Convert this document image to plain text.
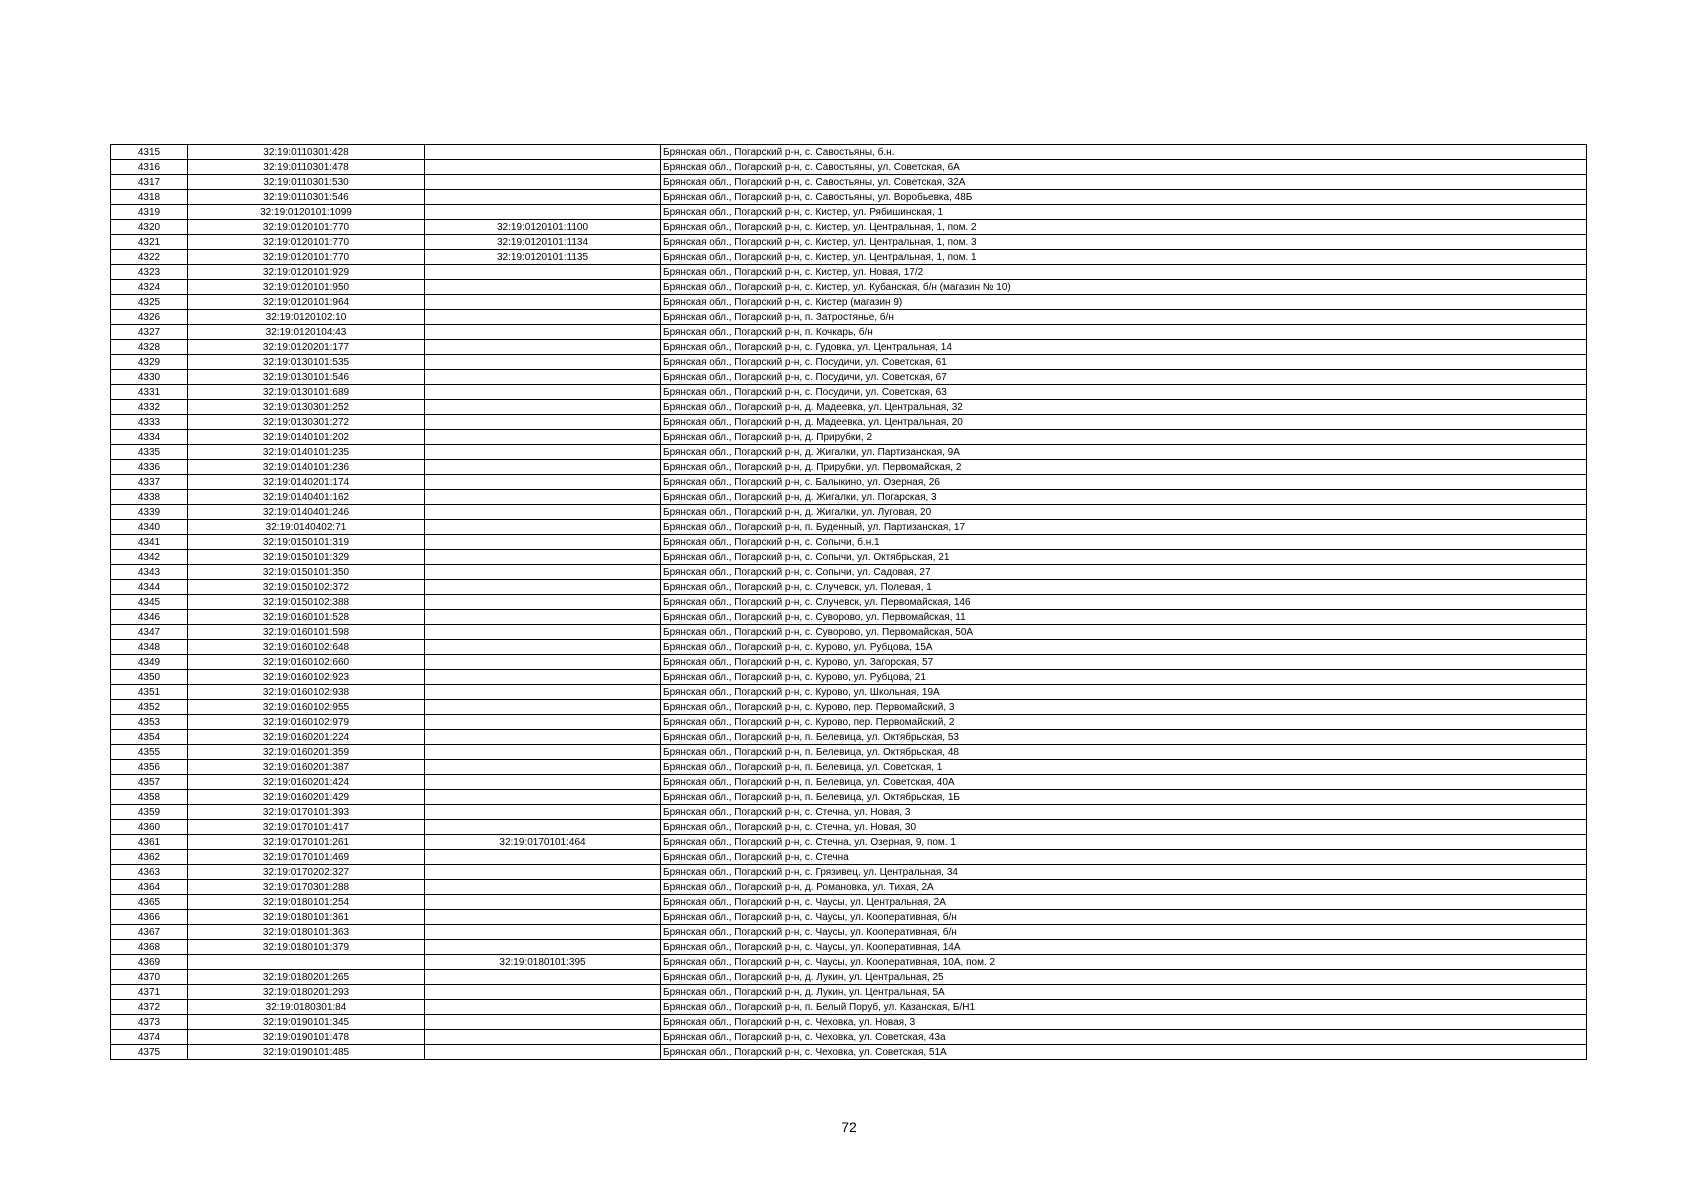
4315	32:19:0110301:428		Брянская обл., Погарский р-н, с. Савостьяны, б.н.
4316	32:19:0110301:478		Брянская обл., Погарский р-н, с. Савостьяны, ул. Советская, 6А
4317	32:19:0110301:530		Брянская обл., Погарский р-н, с. Савостьяны, ул. Советская, 32А
4318	32:19:0110301:546		Брянская обл., Погарский р-н, с. Савостьяны, ул. Воробьевка, 48Б
4319	32:19:0120101:1099		Брянская обл., Погарский р-н, с. Кистер, ул. Рябишинская, 1
4320	32:19:0120101:770	32:19:0120101:1100	Брянская обл., Погарский р-н, с. Кистер, ул. Центральная, 1, пом. 2
4321	32:19:0120101:770	32:19:0120101:1134	Брянская обл., Погарский р-н, с. Кистер, ул. Центральная, 1, пом. 3
4322	32:19:0120101:770	32:19:0120101:1135	Брянская обл., Погарский р-н, с. Кистер, ул. Центральная, 1, пом. 1
4323	32:19:0120101:929		Брянская обл., Погарский р-н, с. Кистер, ул. Новая, 17/2
4324	32:19:0120101:950		Брянская обл., Погарский р-н, с. Кистер, ул. Кубанская, б/н (магазин № 10)
4325	32:19:0120101:964		Брянская обл., Погарский р-н, с. Кистер (магазин 9)
4326	32:19:0120102:10		Брянская обл., Погарский р-н, п. Затростянье, б/н
4327	32:19:0120104:43		Брянская обл., Погарский р-н, п. Кочкарь, б/н
4328	32:19:0120201:177		Брянская обл., Погарский р-н, с. Гудовка, ул. Центральная, 14
4329	32:19:0130101:535		Брянская обл., Погарский р-н, с. Посудичи, ул. Советская, 61
4330	32:19:0130101:546		Брянская обл., Погарский р-н, с. Посудичи, ул. Советская, 67
4331	32:19:0130101:689		Брянская обл., Погарский р-н, с. Посудичи, ул. Советская, 63
4332	32:19:0130301:252		Брянская обл., Погарский р-н, д. Мадеевка, ул. Центральная, 32
4333	32:19:0130301:272		Брянская обл., Погарский р-н, д. Мадеевка, ул. Центральная, 20
4334	32:19:0140101:202		Брянская обл., Погарский р-н, д. Прирубки, 2
4335	32:19:0140101:235		Брянская обл., Погарский р-н, д. Жигалки, ул. Партизанская, 9А
4336	32:19:0140101:236		Брянская обл., Погарский р-н, д. Прирубки, ул. Первомайская, 2
4337	32:19:0140201:174		Брянская обл., Погарский р-н, с. Балыкино, ул. Озерная, 26
4338	32:19:0140401:162		Брянская обл., Погарский р-н, д. Жигалки, ул. Погарская, 3
4339	32:19:0140401:246		Брянская обл., Погарский р-н, д. Жигалки, ул. Луговая, 20
4340	32:19:0140402:71		Брянская обл., Погарский р-н, п. Буденный, ул. Партизанская, 17
4341	32:19:0150101:319		Брянская обл., Погарский р-н, с. Сопычи, б.н.1
4342	32:19:0150101:329		Брянская обл., Погарский р-н, с. Сопычи, ул. Октябрьская, 21
4343	32:19:0150101:350		Брянская обл., Погарский р-н, с. Сопычи, ул. Садовая, 27
4344	32:19:0150102:372		Брянская обл., Погарский р-н, с. Случевск, ул. Полевая, 1
4345	32:19:0150102:388		Брянская обл., Погарский р-н, с. Случевск, ул. Первомайская, 146
4346	32:19:0160101:528		Брянская обл., Погарский р-н, с. Суворово, ул. Первомайская, 11
4347	32:19:0160101:598		Брянская обл., Погарский р-н, с. Суворово, ул. Первомайская, 50А
4348	32:19:0160102:648		Брянская обл., Погарский р-н, с. Курово, ул. Рубцова, 15А
4349	32:19:0160102:660		Брянская обл., Погарский р-н, с. Курово, ул. Загорская, 57
4350	32:19:0160102:923		Брянская обл., Погарский р-н, с. Курово, ул. Рубцова, 21
4351	32:19:0160102:938		Брянская обл., Погарский р-н, с. Курово, ул. Школьная, 19А
4352	32:19:0160102:955		Брянская обл., Погарский р-н, с. Курово, пер. Первомайский, 3
4353	32:19:0160102:979		Брянская обл., Погарский р-н, с. Курово, пер. Первомайский, 2
4354	32:19:0160201:224		Брянская обл., Погарский р-н, п. Белевица, ул. Октябрьская, 53
4355	32:19:0160201:359		Брянская обл., Погарский р-н, п. Белевица, ул. Октябрьская, 48
4356	32:19:0160201:387		Брянская обл., Погарский р-н, п. Белевица, ул. Советская, 1
4357	32:19:0160201:424		Брянская обл., Погарский р-н, п. Белевица, ул. Советская, 40А
4358	32:19:0160201:429		Брянская обл., Погарский р-н, п. Белевица, ул. Октябрьская, 1Б
4359	32:19:0170101:393		Брянская обл., Погарский р-н, с. Стечна, ул. Новая, 3
4360	32:19:0170101:417		Брянская обл., Погарский р-н, с. Стечна, ул. Новая, 30
4361	32:19:0170101:261	32:19:0170101:464	Брянская обл., Погарский р-н, с. Стечна, ул. Озерная, 9, пом. 1
4362	32:19:0170101:469		Брянская обл., Погарский р-н, с. Стечна
4363	32:19:0170202:327		Брянская обл., Погарский р-н, с. Грязивец, ул. Центральная, 34
4364	32:19:0170301:288		Брянская обл., Погарский р-н, д. Романовка, ул. Тихая, 2А
4365	32:19:0180101:254		Брянская обл., Погарский р-н, с. Чаусы, ул. Центральная, 2А
4366	32:19:0180101:361		Брянская обл., Погарский р-н, с. Чаусы, ул. Кооперативная, б/н
4367	32:19:0180101:363		Брянская обл., Погарский р-н, с. Чаусы, ул. Кооперативная, б/н
4368	32:19:0180101:379		Брянская обл., Погарский р-н, с. Чаусы, ул. Кооперативная, 14А
4369		32:19:0180101:395	Брянская обл., Погарский р-н, с. Чаусы, ул. Кооперативная, 10А, пом. 2
4370	32:19:0180201:265		Брянская обл., Погарский р-н, д. Лукин, ул. Центральная, 25
4371	32:19:0180201:293		Брянская обл., Погарский р-н, д. Лукин, ул. Центральная, 5А
4372	32:19:0180301:84		Брянская обл., Погарский р-н, п. Белый Поруб, ул. Казанская, Б/Н1
4373	32:19:0190101:345		Брянская обл., Погарский р-н, с. Чеховка, ул. Новая, 3
4374	32:19:0190101:478		Брянская обл., Погарский р-н, с. Чеховка, ул. Советская, 43а
4375	32:19:0190101:485		Брянская обл., Погарский р-н, с. Чеховка, ул. Советская, 51А
72
